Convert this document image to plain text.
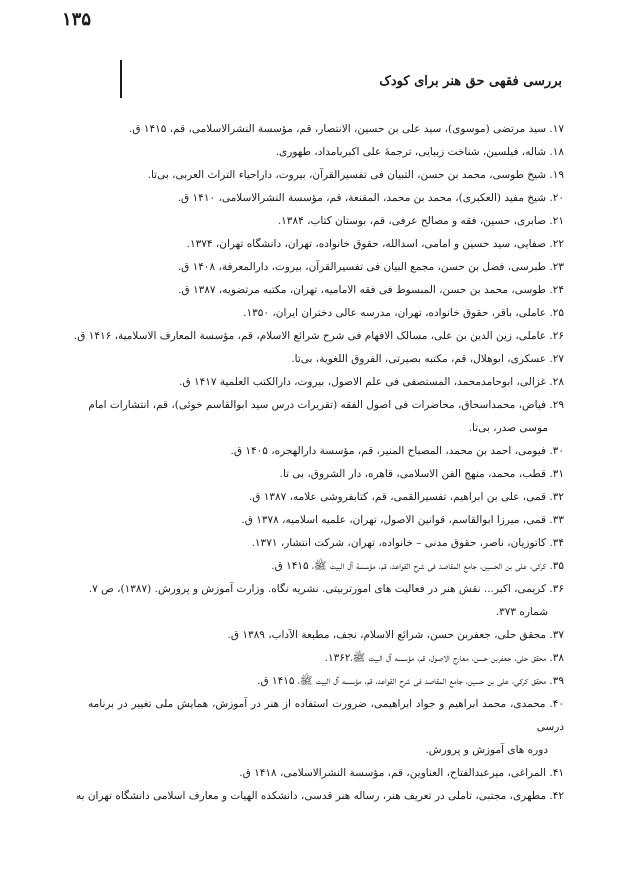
بررسی فقهی حق هنر برای کودک
۱۳۵
۱۷. سید مرتضی (موسوی)، سید علی بن حسین، الانتصار، قم، مؤسسة النشرالاسلامی، قم، ۱۴۱۵ ق.
۱۸. شاله، فیلسین، شناخت زیبایی، ترجمهٔ علی اکبربامداد، طهوری.
۱۹. شیخ طوسی، محمد بن حسن، التبیان فی تفسیرالقرآن، بیروت، داراحیاء التراث العربی، بی‌تا.
۲۰. شیخ مفید (العکبری)، محمد بن محمد، المقنعة، قم، مؤسسة النشرالاسلامی، ۱۴۱۰ ق.
۲۱. صابری، حسین، فقه و مصالح عرفی، قم، بوستان کتاب، ۱۳۸۴.
۲۲. صفایی، سید حسین و امامی، اسدالله، حقوق خانواده، تهران، دانشگاه تهران، ۱۳۷۴.
۲۳. طبرسی، فضل بن حسن، مجمع البیان فی تفسیرالقرآن، بیروت، دارالمعرفة، ۱۴۰۸ ق.
۲۴. طوسی، محمد بن حسن، المبسوط فی فقه الامامیه، تهران، مکتبه مرتضویه، ۱۳۸۷ ق.
۲۵. عاملی، باقر، حقوق خانواده، تهران، مدرسه عالی دختران ایران، ۱۳۵۰.
۲۶. عاملی، زین الدین بن علی، مسالک الافهام فی شرح شرائع الاسلام، قم، مؤسسة المعارف الاسلامیة، ۱۴۱۶ ق.
۲۷. عسکری، ابوهلال، قم، مکتبه بصیرتی، الفروق اللغویة، بی‌تا.
۲۸. غزالی، ابوحامدمحمد، المستصفی فی علم الاصول، بیروت، دارالکتب العلمیة ۱۴۱۷ ق.
۲۹. فیاض، محمداسحاق، محاضرات فی اصول الفقه (تقریرات درس سید ابوالقاسم خوئی)، قم، انتشارات امام
موسی صدر، بی‌تا.
۳۰. فیومی، احمد بن محمد، المصباح المنیر، قم، مؤسسة دارالهجره، ۱۴۰۵ ق.
۳۱. قطب، محمد، منهج الفن الاسلامی، قاهره، دار الشروق، بی تا.
۳۲. قمی، علی بن ابراهیم، تفسیرالقمی، قم، کتابفروشی علامه، ۱۳۸۷ ق.
۳۳. قمی، میرزا ابوالقاسم، قوانین الاصول، تهران، علمیه اسلامیه، ۱۳۷۸ ق.
۳۴. کاتوزیان، ناصر، حقوق مدنی – خانواده، تهران، شرکت انتشار، ۱۳۷۱.
۳۵. کرکی، علی بن الحسین، جامع المقاصد فی شرح القواعد، قم، مؤسسة آل البیت ﷺ، ۱۴۱۵ ق.
۳۶. کریمی، اکبر... نقش هنر در فعالیت های امورتربیتی. نشریه نگاه. وزارت آموزش و پرورش. (۱۳۸۷)، ص ۷.
شماره ۳۷۳.
۳۷. محقق حلی، جعفربن حسن، شرائع الاسلام، نجف، مطبعة الآداب، ۱۳۸۹ ق.
۳۸. محقق حلی، جعفربن حسن، معارج الاصول، قم، مؤسسه آل البیت ﷺ،۱۳۶۲.
۳۹. محقق کرکی، علی بن حسین، جامع المقاصد فی شرح القواعد، قم، مؤسسه آل البیت ﷺ، ۱۴۱۵ ق.
۴۰. محمدی، محمد ابراهیم و جواد ابراهیمی، ضرورت استفاده از هنر در آموزش، همایش ملی تغییر در برنامه درسی
دوره های آموزش و پرورش.
۴۱. المراغی، میرعبدالفتاح، العناوین، قم، مؤسسة النشرالاسلامی، ۱۴۱۸ ق.
۴۲. مطهری، مجتبی، تاملی در تعریف هنر، رساله هنر قدسی، دانشکده الهیات و معارف اسلامی دانشگاه تهران به
